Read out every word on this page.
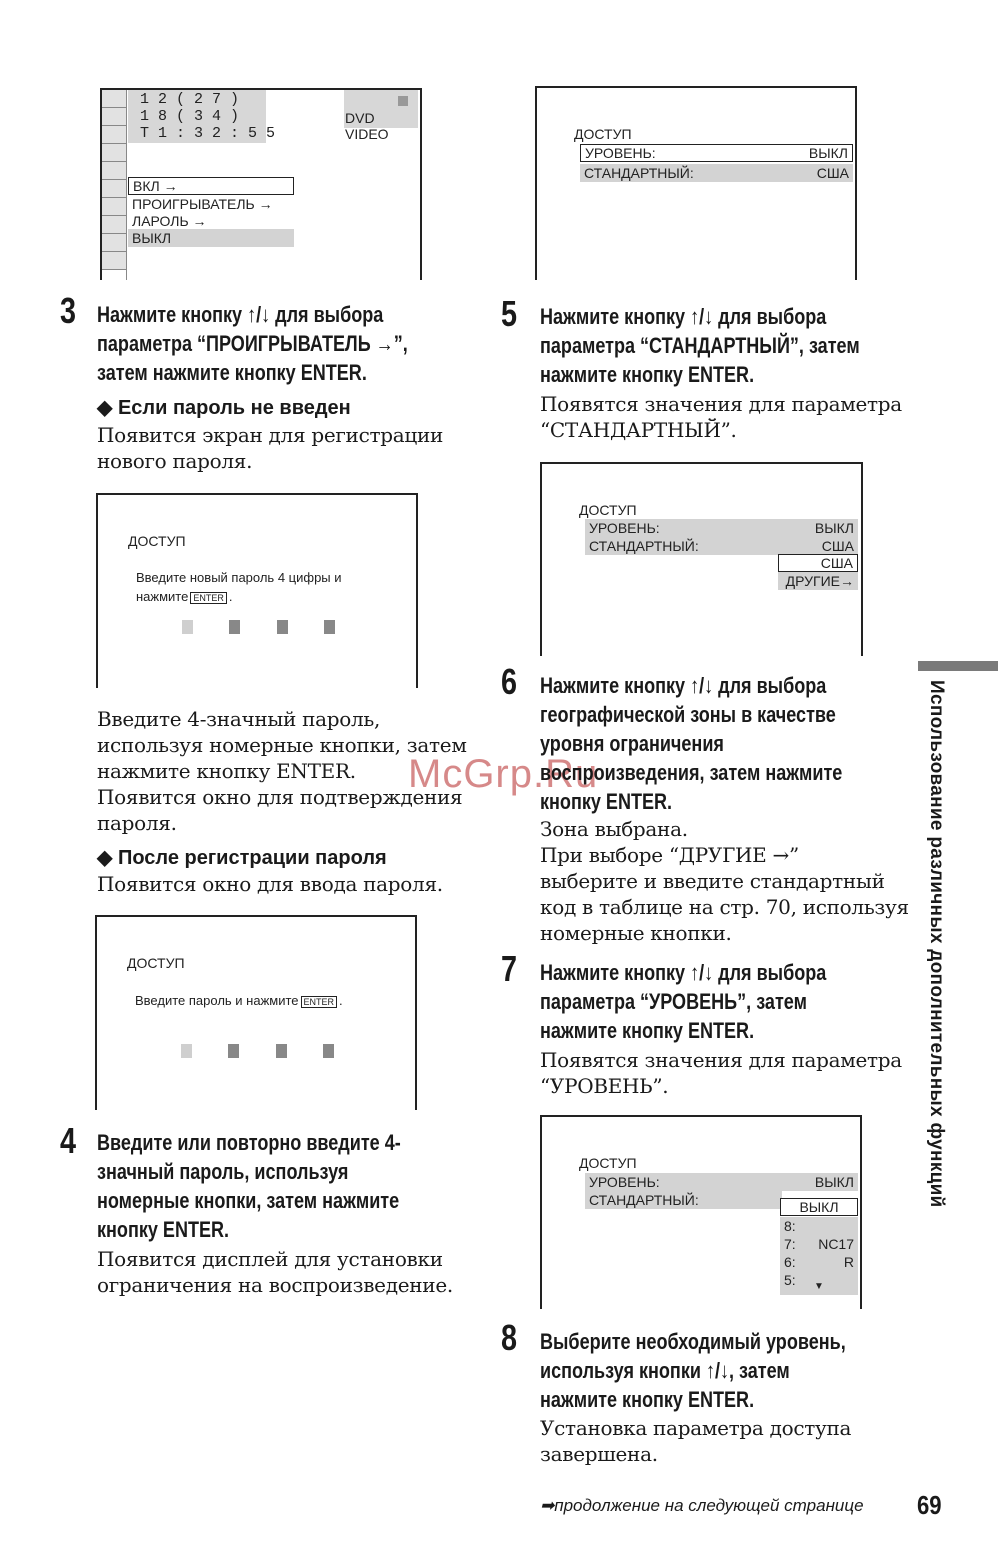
1 2 ( 2 7 )
1 8 ( 3 4 )
T 1 : 3 2 : 5 5
DVD VIDEO
ВКЛ →
ПРОИГРЫВАТЕЛЬ →
ЛАРОЛЬ →
ВЫКЛ
3 Нажмите кнопку ↑/↓ для выбора
параметра “ПРОИГРЫВАТЕЛЬ →”,
затем нажмите кнопку ENTER.
◆ Если пароль не введен
Появится экран для регистрации
нового пароля.
ДОСТУП
Введите новый пароль 4 цифры и
нажмите ENTER .
Введите 4-значный пароль,
используя номерные кнопки, затем
нажмите кнопку ENTER.
Появится окно для подтверждения
пароля.
◆ После регистрации пароля
Появится окно для ввода пароля.
ДОСТУП
Введите пароль и нажмите ENTER .
4 Введите или повторно введите 4-
значный пароль, используя
номерные кнопки, затем нажмите
кнопку ENTER.
Появится дисплей для установки
ограничения на воспроизведение.
ДОСТУП
УРОВЕНЬ:	ВЫКЛ
СТАНДАРТНЫЙ:	США
5 Нажмите кнопку ↑/↓ для выбора
параметра “СТАНДАРТНЫЙ”, затем
нажмите кнопку ENTER.
Появятся значения для параметра
“СТАНДАРТНЫЙ”.
ДОСТУП
УРОВЕНЬ:	ВЫКЛ
СТАНДАРТНЫЙ:	США
США
ДРУГИЕ→
Использование различных дополнительных функций
McGrp.Ru
6 Нажмите кнопку ↑/↓ для выбора
географической зоны в качестве
уровня ограничения
воспроизведения, затем нажмите
кнопку ENTER.
Зона выбрана.
При выборе “ДРУГИЕ →”
выберите и введите стандартный
код в таблице на стр. 70, используя
номерные кнопки.
7 Нажмите кнопку ↑/↓ для выбора
параметра “УРОВЕНЬ”, затем
нажмите кнопку ENTER.
Появятся значения для параметра
“УРОВЕНЬ”.
ДОСТУП
УРОВЕНЬ:	ВЫКЛ
СТАНДАРТНЫЙ:	ВЫКЛ
8:
7: NC17
6:	R
5: ▼
8 Выберите необходимый уровень,
используя кнопки ↑/↓, затем
нажмите кнопку ENTER.
Установка параметра доступа
завершена.
➡продолжение на следующей странице 69
